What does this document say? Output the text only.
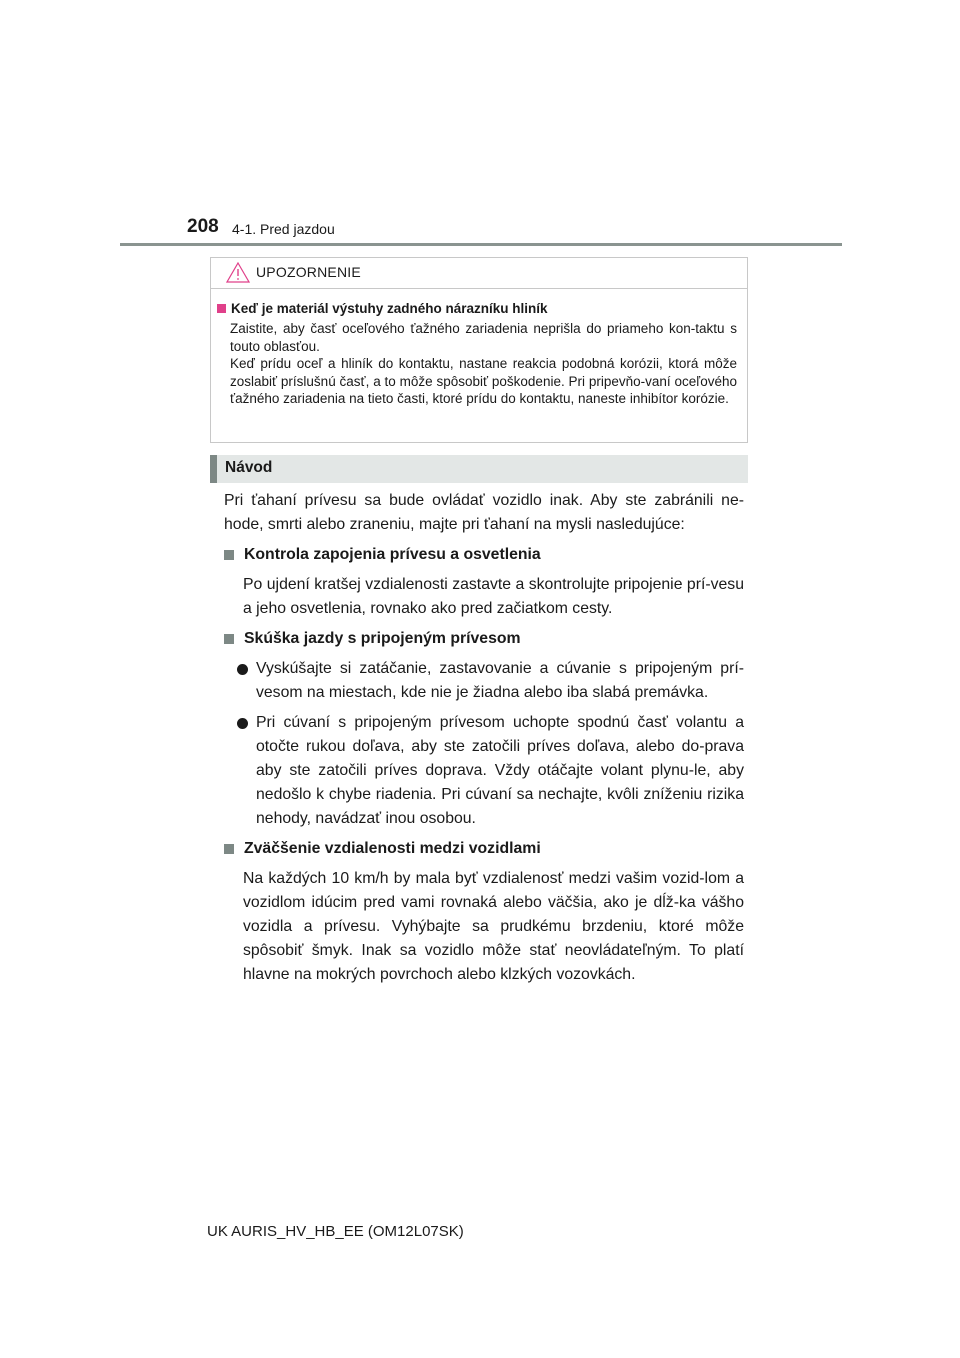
208 4-1. Pred jazdou
UPOZORNENIE
Keď je materiál výstuhy zadného nárazníku hliník
Zaistite, aby časť oceľového ťažného zariadenia neprišla do priameho kon-taktu s touto oblasťou.
Keď prídu oceľ a hliník do kontaktu, nastane reakcia podobná korózii, ktorá môže zoslabiť príslušnú časť, a to môže spôsobiť poškodenie. Pri pripevňo-vaní oceľového ťažného zariadenia na tieto časti, ktoré prídu do kontaktu, naneste inhibítor korózie.
Návod

Pri ťahaní prívesu sa bude ovládať vozidlo inak. Aby ste zabránili ne-hode, smrti alebo zraneniu, majte pri ťahaní na mysli nasledujúce:

Kontrola zapojenia prívesu a osvetlenia

Po ujdení kratšej vzdialenosti zastavte a skontrolujte pripojenie prí-vesu a jeho osvetlenia, rovnako ako pred začiatkom cesty.

Skúška jazdy s pripojeným prívesom
Vyskúšajte si zatáčanie, zastavovanie a cúvanie s pripojeným prí-vesom na miestach, kde nie je žiadna alebo iba slabá premávka.
Pri cúvaní s pripojeným prívesom uchopte spodnú časť volantu a otočte rukou doľava, aby ste zatočili príves doľava, alebo do-prava aby ste zatočili príves doprava. Vždy otáčajte volant plynu-le, aby nedošlo k chybe riadenia. Pri cúvaní sa nechajte, kvôli zníženiu rizika nehody, navádzať inou osobou.
Zväčšenie vzdialenosti medzi vozidlami

Na každých 10 km/h by mala byť vzdialenosť medzi vašim vozid-lom a vozidlom idúcim pred vami rovnaká alebo väčšia, ako je dĺž-ka vášho vozidla a prívesu. Vyhýbajte sa prudkému brzdeniu, ktoré môže spôsobiť šmyk. Inak sa vozidlo môže stať neovládateľným. To platí hlavne na mokrých povrchoch alebo klzkých vozovkách.

UK AURIS_HV_HB_EE (OM12L07SK)
